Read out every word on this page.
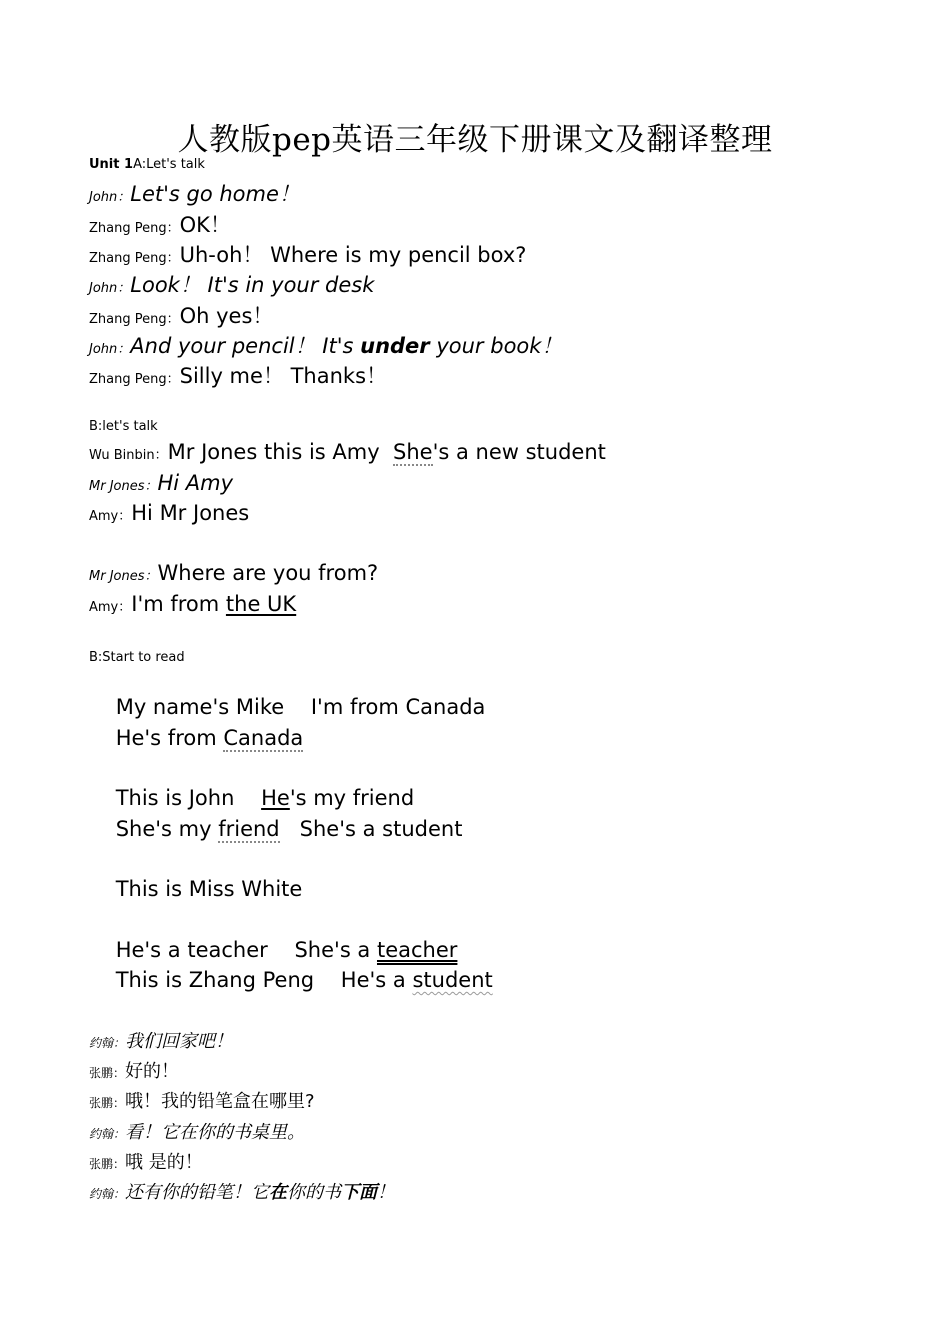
人教版pep英语三年级下册课文及翻译整理
Unit 1A:Let's talk
John：Let's go home！
Zhang Peng：OK！
Zhang Peng：Uh-oh！ Where is my pencil box?
John：Look！ It's in your desk
Zhang Peng：Oh yes！
John：And your pencil！ It's under your book！
Zhang Peng：Silly me！ Thanks！
B:let's talk
Wu Binbin：Mr Jones this is Amy  She's a new student
Mr Jones：Hi Amy
Amy：Hi Mr Jones
Mr Jones：Where are you from?
Amy：I'm from the UK
B:Start to read

My name's Mike    I'm from Canada

He's from Canada

This is John    He's my friend

She's my friend   She's a student

This is Miss White

He's a teacher    She's a teacher

This is Zhang Peng    He's a student

约翰：我们回家吧！
张鹏：好的！
张鹏：哦！我的铅笔盒在哪里?
约翰：看！它在你的书桌里。
张鹏：哦 是的！
约翰：还有你的铅笔！它在你的书下面！
